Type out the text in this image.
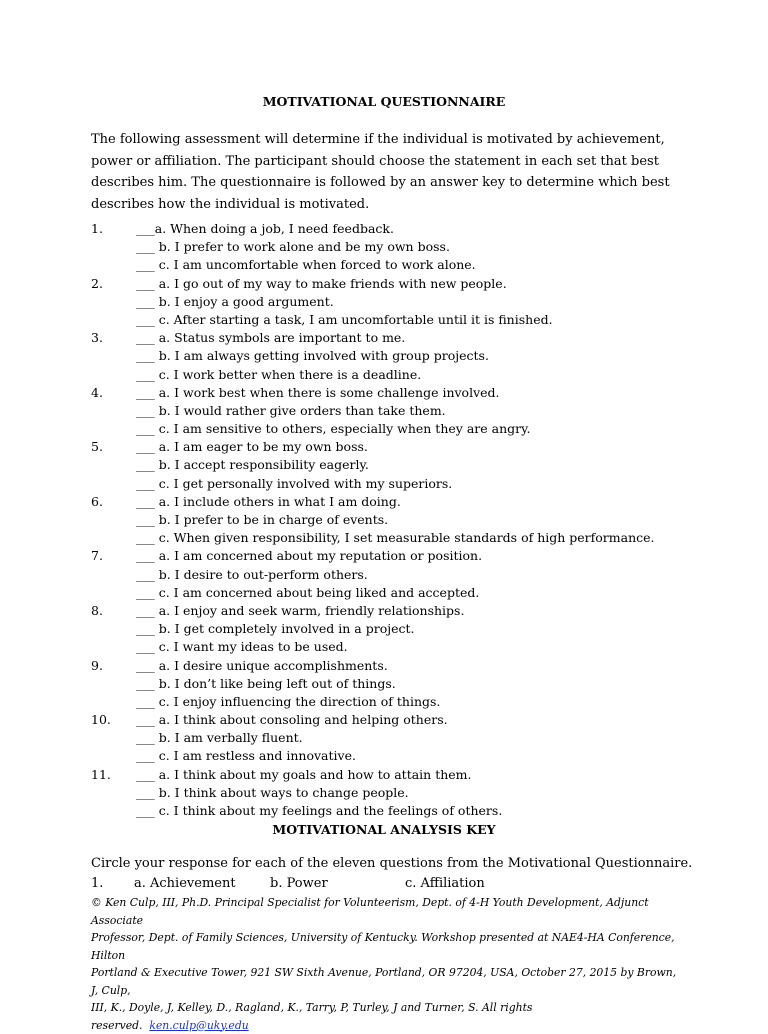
MOTIVATIONAL QUESTIONNAIRE
The following assessment will determine if the individual is motivated by achievement,
power or affiliation. The participant should choose the statement in each set that best
describes him. The questionnaire is followed by an answer key to determine which best
describes how the individual is motivated.
1.	___a. When doing a job, I need feedback.
___ b. I prefer to work alone and be my own boss.
___ c. I am uncomfortable when forced to work alone.
2.	___ a. I go out of my way to make friends with new people.
___ b. I enjoy a good argument.
___ c. After starting a task, I am uncomfortable until it is finished.
3.	___ a. Status symbols are important to me.
___ b. I am always getting involved with group projects.
___ c. I work better when there is a deadline.
4.	___ a. I work best when there is some challenge involved.
___ b. I would rather give orders than take them.
___ c. I am sensitive to others, especially when they are angry.
5.	___ a. I am eager to be my own boss.
___ b. I accept responsibility eagerly.
___ c. I get personally involved with my superiors.
6.	___ a. I include others in what I am doing.
___ b. I prefer to be in charge of events.
___ c. When given responsibility, I set measurable standards of high performance.
7.	___ a. I am concerned about my reputation or position.
___ b. I desire to out-perform others.
___ c. I am concerned about being liked and accepted.
8.	___ a. I enjoy and seek warm, friendly relationships.
___ b. I get completely involved in a project.
___ c. I want my ideas to be used.
9.	___ a. I desire unique accomplishments.
___ b. I don’t like being left out of things.
___ c. I enjoy influencing the direction of things.
10. ___ a. I think about consoling and helping others.
___ b. I am verbally fluent.
___ c. I am restless and innovative.
11. ___ a. I think about my goals and how to attain them.
___ b. I think about ways to change people.
___ c. I think about my feelings and the feelings of others.
MOTIVATIONAL ANALYSIS KEY
Circle your response for each of the eleven questions from the Motivational Questionnaire.
1. a. Achievement	b. Power	c. Affiliation
© Ken Culp, III, Ph.D. Principal Specialist for Volunteerism, Dept. of 4-H Youth Development, Adjunct Associate
Professor, Dept. of Family Sciences, University of Kentucky. Workshop presented at NAE4-HA Conference, Hilton
Portland & Executive Tower, 921 SW Sixth Avenue, Portland, OR 97204, USA, October 27, 2015 by Brown, J, Culp,
III, K., Doyle, J, Kelley, D., Ragland, K., Tarry, P, Turley, J and Turner, S. All rights reserved. ken.culp@uky.edu
